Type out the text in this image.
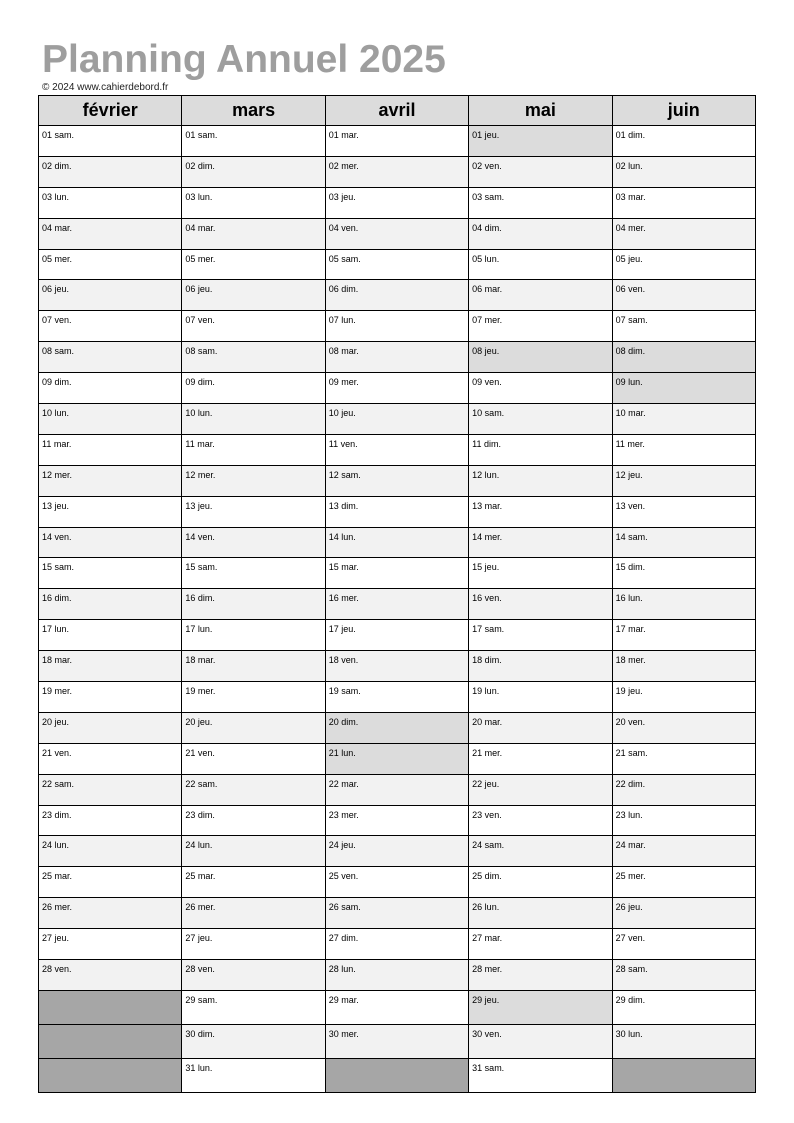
Planning Annuel 2025
© 2024 www.cahierdebord.fr
février	mars	avril	mai	juin
01 sam.	01 sam.	01 mar.	01 jeu.	01 dim.
02 dim.	02 dim.	02 mer.	02 ven.	02 lun.
03 lun.	03 lun.	03 jeu.	03 sam.	03 mar.
04 mar.	04 mar.	04 ven.	04 dim.	04 mer.
05 mer.	05 mer.	05 sam.	05 lun.	05 jeu.
06 jeu.	06 jeu.	06 dim.	06 mar.	06 ven.
07 ven.	07 ven.	07 lun.	07 mer.	07 sam.
08 sam.	08 sam.	08 mar.	08 jeu.	08 dim.
09 dim.	09 dim.	09 mer.	09 ven.	09 lun.
10 lun.	10 lun.	10 jeu.	10 sam.	10 mar.
11 mar.	11 mar.	11 ven.	11 dim.	11 mer.
12 mer.	12 mer.	12 sam.	12 lun.	12 jeu.
13 jeu.	13 jeu.	13 dim.	13 mar.	13 ven.
14 ven.	14 ven.	14 lun.	14 mer.	14 sam.
15 sam.	15 sam.	15 mar.	15 jeu.	15 dim.
16 dim.	16 dim.	16 mer.	16 ven.	16 lun.
17 lun.	17 lun.	17 jeu.	17 sam.	17 mar.
18 mar.	18 mar.	18 ven.	18 dim.	18 mer.
19 mer.	19 mer.	19 sam.	19 lun.	19 jeu.
20 jeu.	20 jeu.	20 dim.	20 mar.	20 ven.
21 ven.	21 ven.	21 lun.	21 mer.	21 sam.
22 sam.	22 sam.	22 mar.	22 jeu.	22 dim.
23 dim.	23 dim.	23 mer.	23 ven.	23 lun.
24 lun.	24 lun.	24 jeu.	24 sam.	24 mar.
25 mar.	25 mar.	25 ven.	25 dim.	25 mer.
26 mer.	26 mer.	26 sam.	26 lun.	26 jeu.
27 jeu.	27 jeu.	27 dim.	27 mar.	27 ven.
28 ven.	28 ven.	28 lun.	28 mer.	28 sam.
	29 sam.	29 mar.	29 jeu.	29 dim.
	30 dim.	30 mer.	30 ven.	30 lun.
	31 lun.		31 sam.	
